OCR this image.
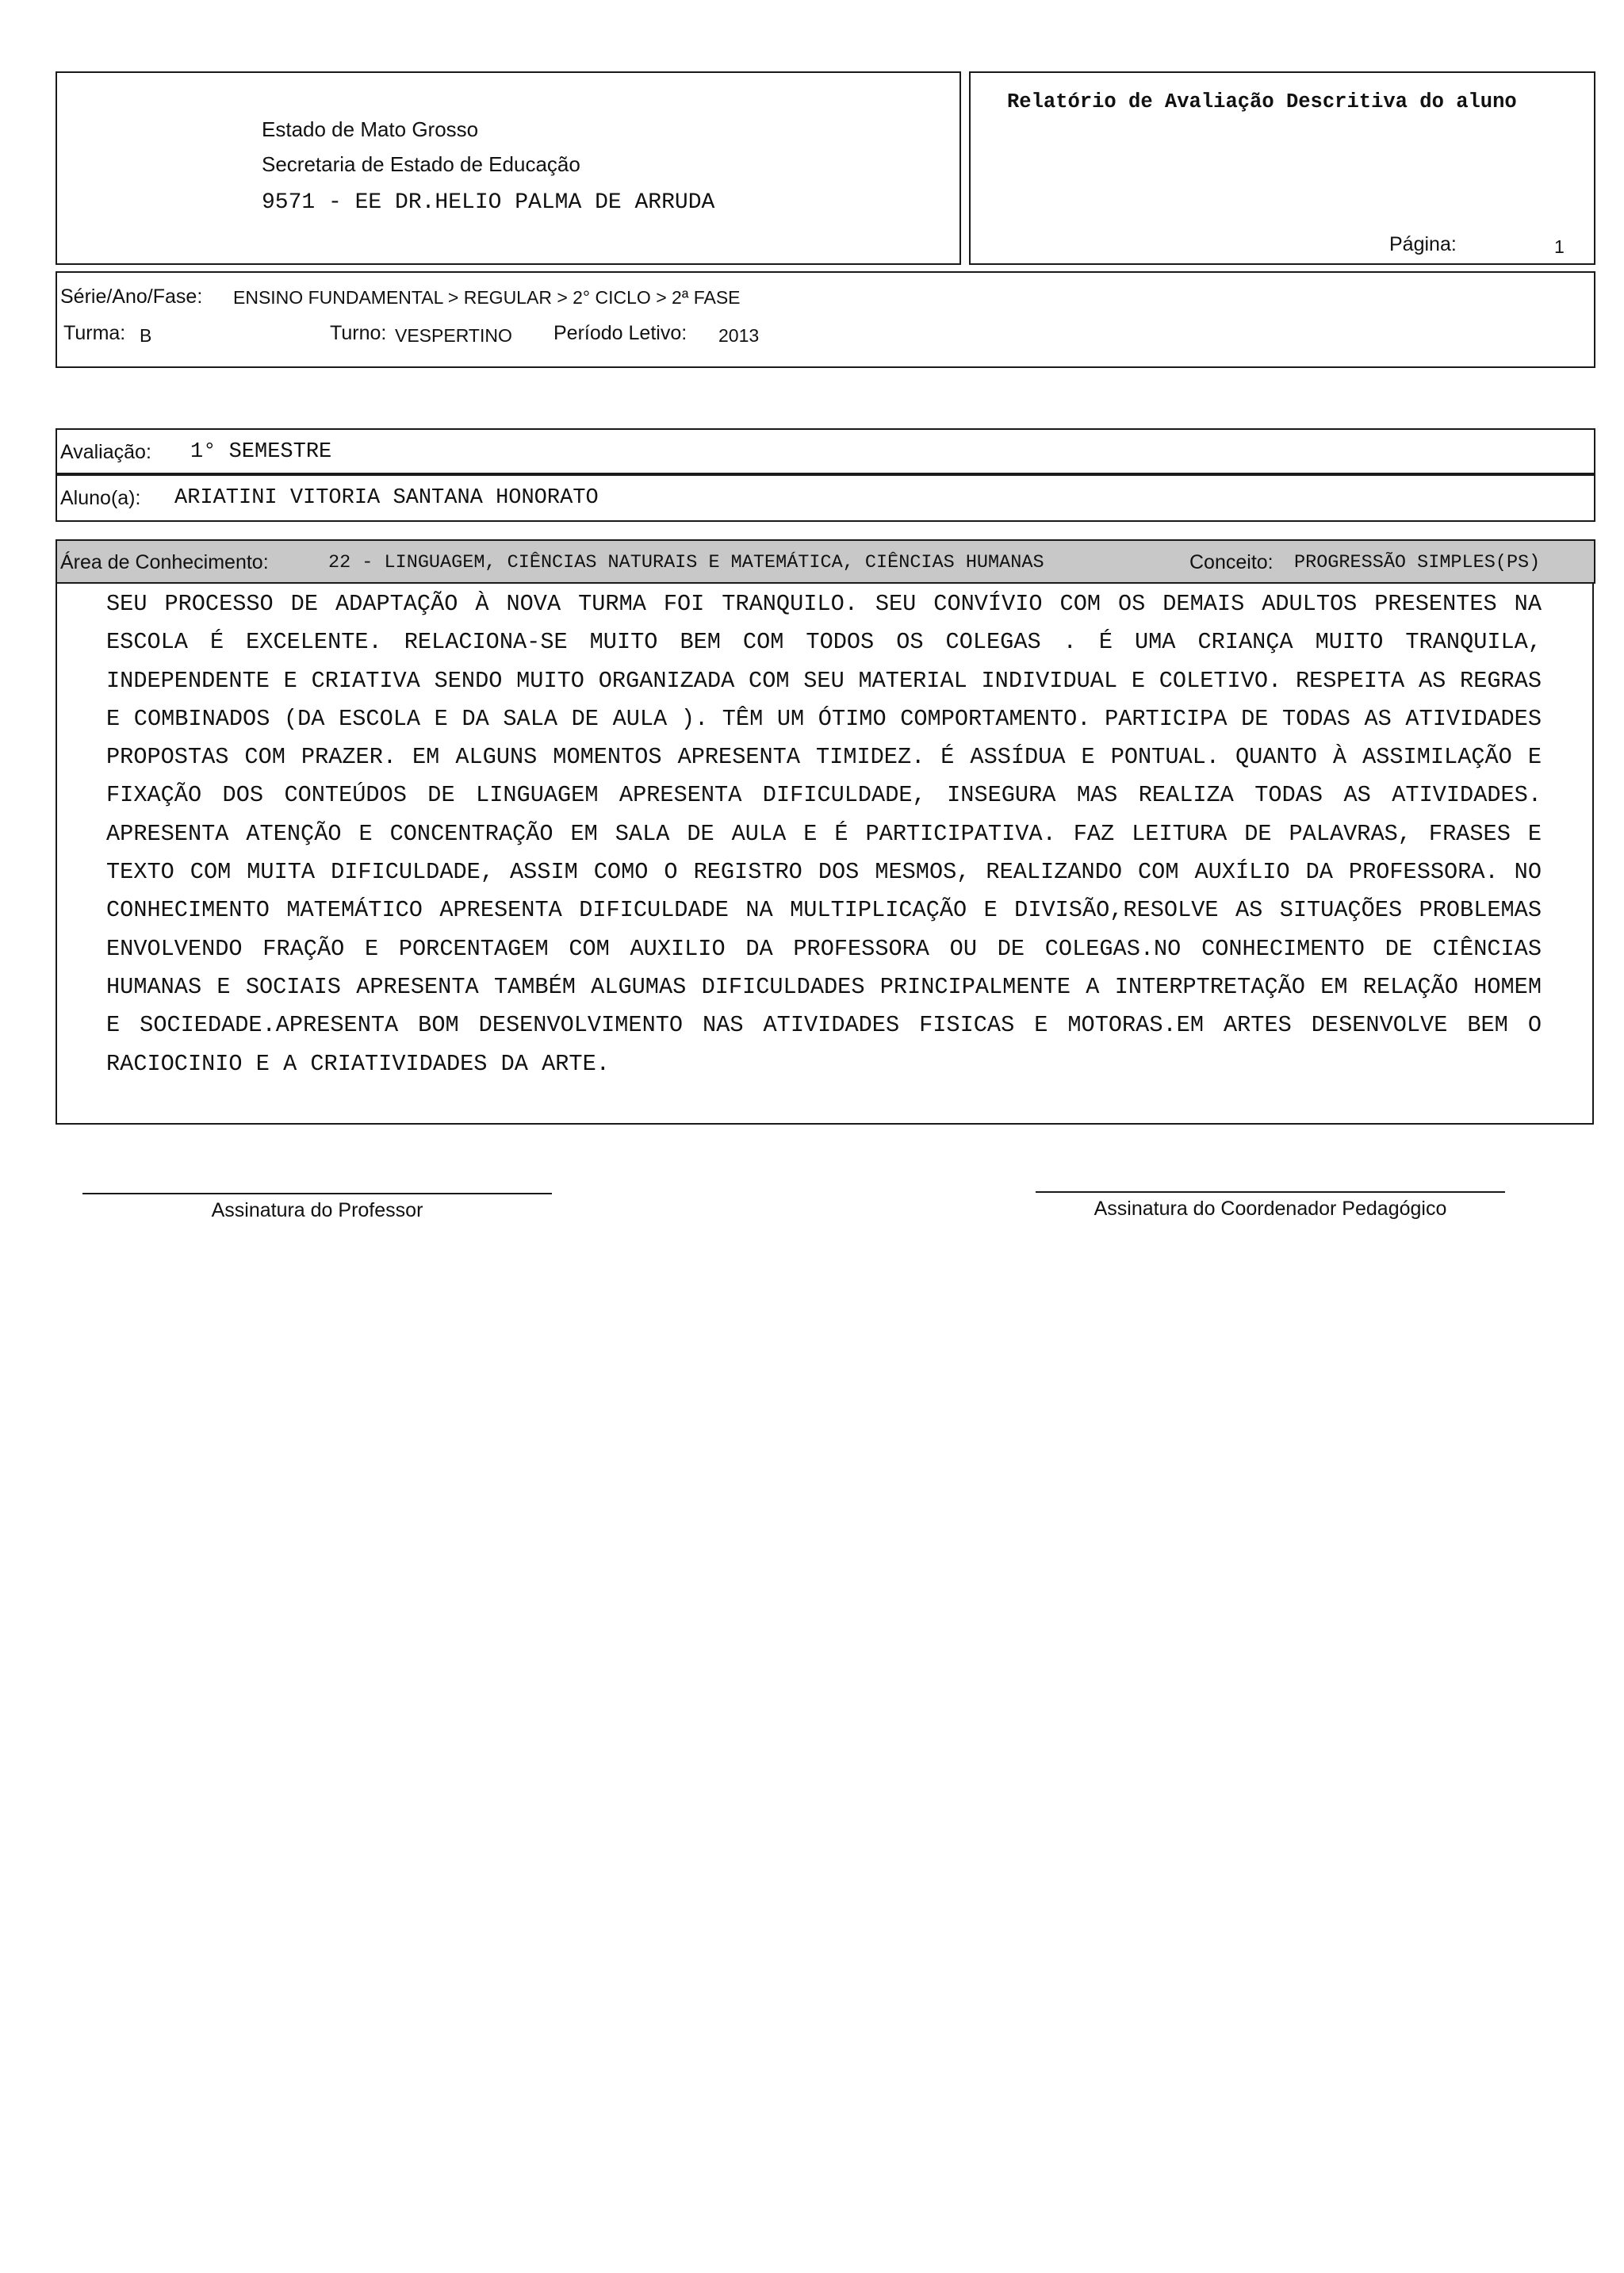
Estado de Mato Grosso
Secretaria de Estado de Educação
9571 - EE DR.HELIO PALMA DE ARRUDA
Relatório de Avaliação Descritiva do aluno
Página:	1
Série/Ano/Fase: ENSINO FUNDAMENTAL > REGULAR > 2° CICLO > 2ª FASE
Turma: B	Turno: VESPERTINO Período Letivo: 2013
Avaliação: 1° SEMESTRE
Aluno(a): ARIATINI VITORIA SANTANA HONORATO
Área de Conhecimento:	22 - LINGUAGEM, CIÊNCIAS NATURAIS E MATEMÁTICA, CIÊNCIAS HUMANAS	Conceito: PROGRESSÃO SIMPLES(PS)

SEU PROCESSO DE ADAPTAÇÃO À NOVA TURMA FOI TRANQUILO. SEU CONVÍVIO COM OS DEMAIS ADULTOS PRESENTES NA ESCOLA É EXCELENTE. RELACIONA-SE MUITO BEM COM TODOS OS COLEGAS . É UMA CRIANÇA MUITO TRANQUILA, INDEPENDENTE E CRIATIVA SENDO MUITO ORGANIZADA COM SEU MATERIAL INDIVIDUAL E COLETIVO. RESPEITA AS REGRAS E COMBINADOS (DA ESCOLA E DA SALA DE AULA ). TÊM UM ÓTIMO COMPORTAMENTO. PARTICIPA DE TODAS AS ATIVIDADES PROPOSTAS COM PRAZER. EM ALGUNS MOMENTOS APRESENTA TIMIDEZ. É ASSÍDUA E PONTUAL. QUANTO À ASSIMILAÇÃO E FIXAÇÃO DOS CONTEÚDOS DE LINGUAGEM APRESENTA DIFICULDADE, INSEGURA MAS REALIZA TODAS AS ATIVIDADES. APRESENTA ATENÇÃO E CONCENTRAÇÃO EM SALA DE AULA E É PARTICIPATIVA. FAZ LEITURA DE PALAVRAS, FRASES E TEXTO COM MUITA DIFICULDADE, ASSIM COMO O REGISTRO DOS MESMOS, REALIZANDO COM AUXÍLIO DA PROFESSORA. NO CONHECIMENTO MATEMÁTICO APRESENTA DIFICULDADE NA MULTIPLICAÇÃO E DIVISÃO,RESOLVE AS SITUAÇÕES PROBLEMAS ENVOLVENDO FRAÇÃO E PORCENTAGEM COM AUXILIO DA PROFESSORA OU DE COLEGAS.NO CONHECIMENTO DE CIÊNCIAS HUMANAS E SOCIAIS APRESENTA TAMBÉM ALGUMAS DIFICULDADES PRINCIPALMENTE A INTERPTRETAÇÃO EM RELAÇÃO HOMEM E SOCIEDADE.APRESENTA BOM DESENVOLVIMENTO NAS ATIVIDADES FISICAS E MOTORAS.EM ARTES DESENVOLVE BEM O RACIOCINIO E A CRIATIVIDADES DA ARTE.

Assinatura do Professor	Assinatura do Coordenador Pedagógico
